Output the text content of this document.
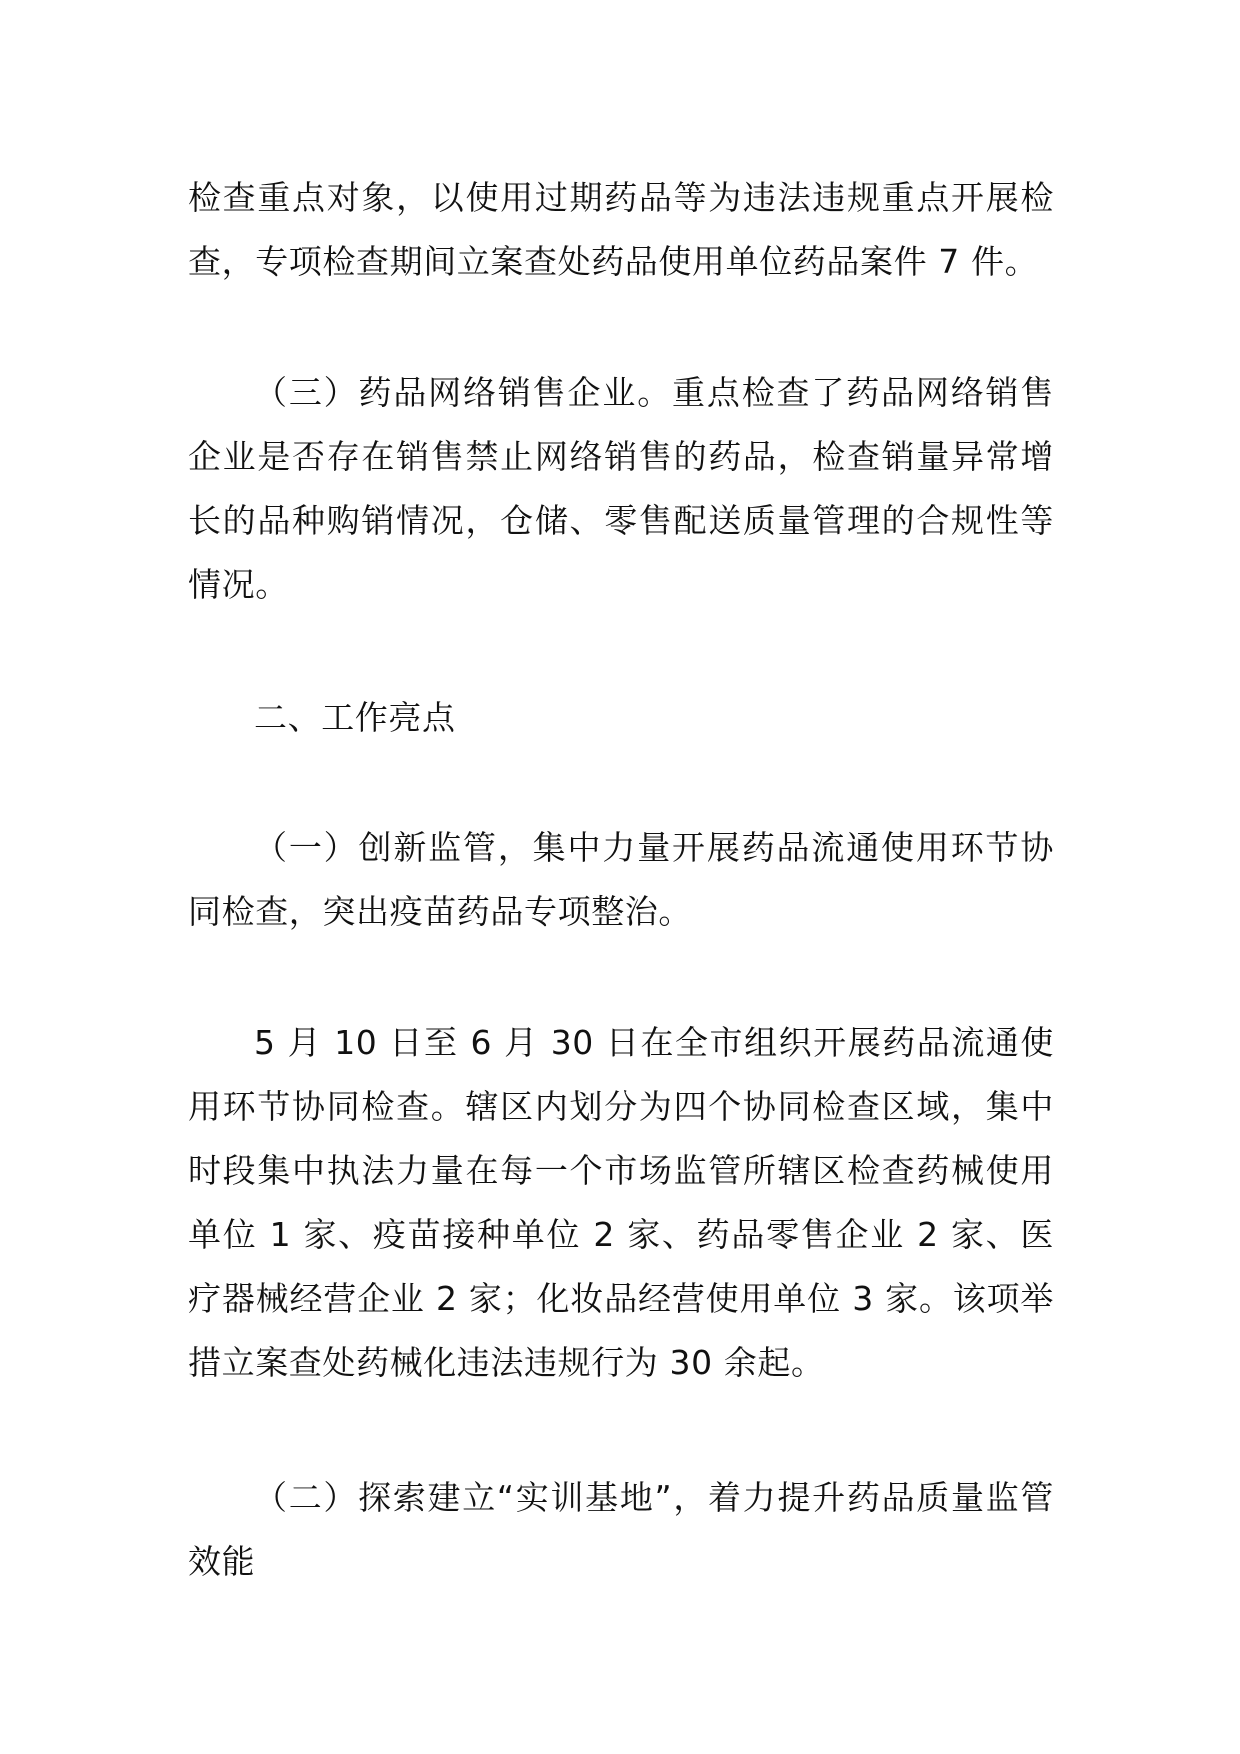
检查重点对象，以使用过期药品等为违法违规重点开展检查，专项检查期间立案查处药品使用单位药品案件 7 件。

（三）药品网络销售企业。重点检查了药品网络销售企业是否存在销售禁止网络销售的药品，检查销量异常增长的品种购销情况，仓储、零售配送质量管理的合规性等情况。

二、工作亮点

（一）创新监管，集中力量开展药品流通使用环节协同检查，突出疫苗药品专项整治。

5 月 10 日至 6 月 30 日在全市组织开展药品流通使用环节协同检查。辖区内划分为四个协同检查区域，集中时段集中执法力量在每一个市场监管所辖区检查药械使用单位 1 家、疫苗接种单位 2 家、药品零售企业 2 家、医疗器械经营企业 2 家；化妆品经营使用单位 3 家。该项举措立案查处药械化违法违规行为 30 余起。

（二）探索建立“实训基地”，着力提升药品质量监管效能
